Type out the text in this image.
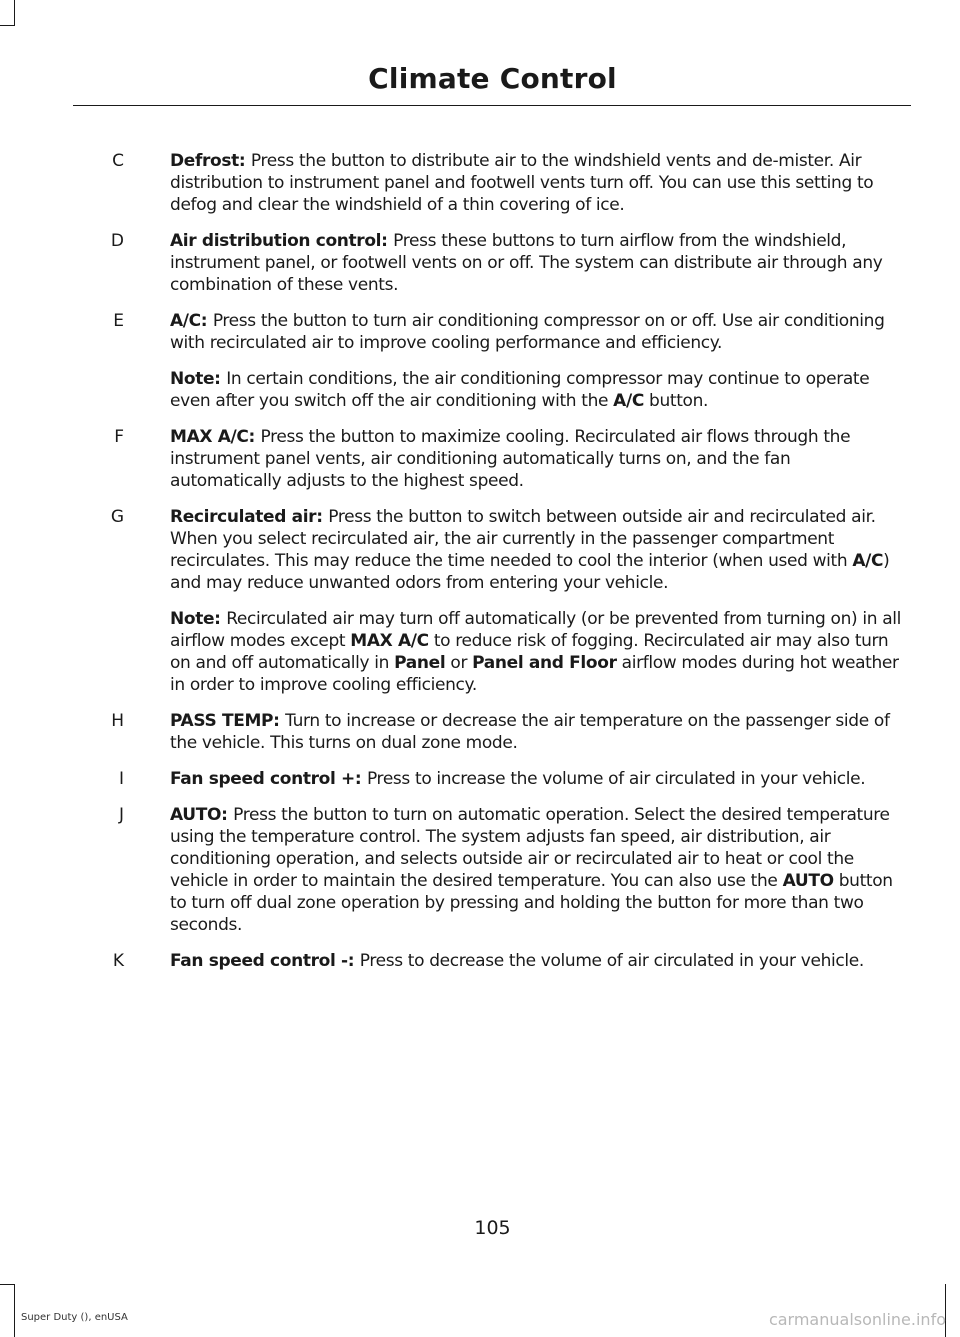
Climate Control
C	Defrost: Press the button to distribute air to the windshield vents and de-mister. Air distribution to instrument panel and footwell vents turn off. You can use this setting to defog and clear the windshield of a thin covering of ice.

D	Air distribution control: Press these buttons to turn airflow from the windshield, instrument panel, or footwell vents on or off. The system can distribute air through any combination of these vents.

E	A/C: Press the button to turn air conditioning compressor on or off. Use air conditioning with recirculated air to improve cooling performance and efficiency.

Note: In certain conditions, the air conditioning compressor may continue to operate even after you switch off the air conditioning with the A/C button.

F	MAX A/C: Press the button to maximize cooling. Recirculated air flows through the instrument panel vents, air conditioning automatically turns on, and the fan automatically adjusts to the highest speed.

G	Recirculated air: Press the button to switch between outside air and recirculated air. When you select recirculated air, the air currently in the passenger compartment recirculates. This may reduce the time needed to cool the interior (when used with A/C) and may reduce unwanted odors from entering your vehicle.

Note: Recirculated air may turn off automatically (or be prevented from turning on) in all airflow modes except MAX A/C to reduce risk of fogging. Recirculated air may also turn on and off automatically in Panel or Panel and Floor airflow modes during hot weather in order to improve cooling efficiency.

H	PASS TEMP: Turn to increase or decrease the air temperature on the passenger side of the vehicle. This turns on dual zone mode.

I	Fan speed control +: Press to increase the volume of air circulated in your vehicle.

J	AUTO: Press the button to turn on automatic operation. Select the desired temperature using the temperature control. The system adjusts fan speed, air distribution, air conditioning operation, and selects outside air or recirculated air to heat or cool the vehicle in order to maintain the desired temperature. You can also use the AUTO button to turn off dual zone operation by pressing and holding the button for more than two seconds.

K	Fan speed control -: Press to decrease the volume of air circulated in your vehicle.

105
Super Duty (), enUSA	carmanualsonline.info
